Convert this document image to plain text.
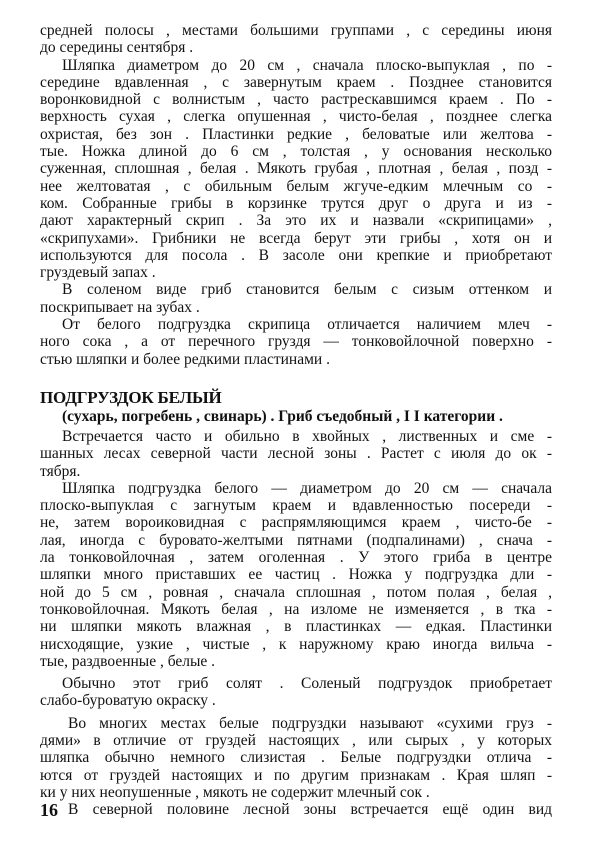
средней полосы , местами большими группами , с середины июня
до середины сентября .
Шляпка диаметром до 20 см , сначала плоско-выпуклая , по -
середине вдавленная , с завернутым краем . Позднее становится
воронковидной с волнистым , часто растрескавшимся краем . По -
верхность сухая , слегка опушенная , чисто-белая , позднее слегка
охристая, без зон . Пластинки редкие , беловатые или желтова -
тые. Ножка длиной до 6 см , толстая , у основания несколько
суженная, сплошная , белая . Мякоть грубая , плотная , белая , позд -
нее желтоватая , с обильным белым жгуче-едким млечным со -
ком. Собранные грибы в корзинке трутся друг о друга и из -
дают характерный скрип . За это их и назвали «скрипицами» ,
«скрипухами». Грибники не всегда берут эти грибы , хотя он и
используются для посола . В засоле они крепкие и приобретают
груздевый запах .
В соленом виде гриб становится белым с сизым оттенком и
поскрипывает на зубах .
От белого подгруздка скрипица отличается наличием млеч -
ного сока , а от перечного груздя — тонковойлочной поверхно -
стью шляпки и более редкими пластинами .
ПОДГРУЗДОК БЕЛЫЙ
(сухарь, погребень , свинарь) . Гриб съедобный , I I категории .
Встречается часто и обильно в хвойных , лиственных и сме -
шанных лесах северной части лесной зоны . Растет с июля до ок -
тября.
Шляпка подгруздка белого — диаметром до 20 см — сначала
плоско-выпуклая с загнутым краем и вдавленностью посереди -
не, затем вороиковидная с распрямляющимся краем , чисто-бе -
лая, иногда с буровато-желтыми пятнами (подпалинами) , снача -
ла тонковойлочная , затем оголенная . У этого гриба в центре
шляпки много приставших ее частиц . Ножка у подгруздка дли -
ной до 5 см , ровная , сначала сплошная , потом полая , белая ,
тонковойлочная. Мякоть белая , на изломе не изменяется , в тка -
ни шляпки мякоть влажная , в пластинках — едкая. Пластинки
нисходящие, узкие , чистые , к наружному краю иногда вильча -
тые, раздвоенные , белые .
Обычно этот гриб солят . Соленый подгруздок приобретает
слабо-буроватую окраску .
Во многих местах белые подгруздки называют «сухими груз -
дями» в отличие от груздей настоящих , или сырых , у которых
шляпка обычно немного слизистая . Белые подгруздки отлича -
ются от груздей настоящих и по другим признакам . Края шляп -
ки у них неопушенные , мякоть не содержит млечный сок .
В северной половине лесной зоны встречается ещё один вид
16
